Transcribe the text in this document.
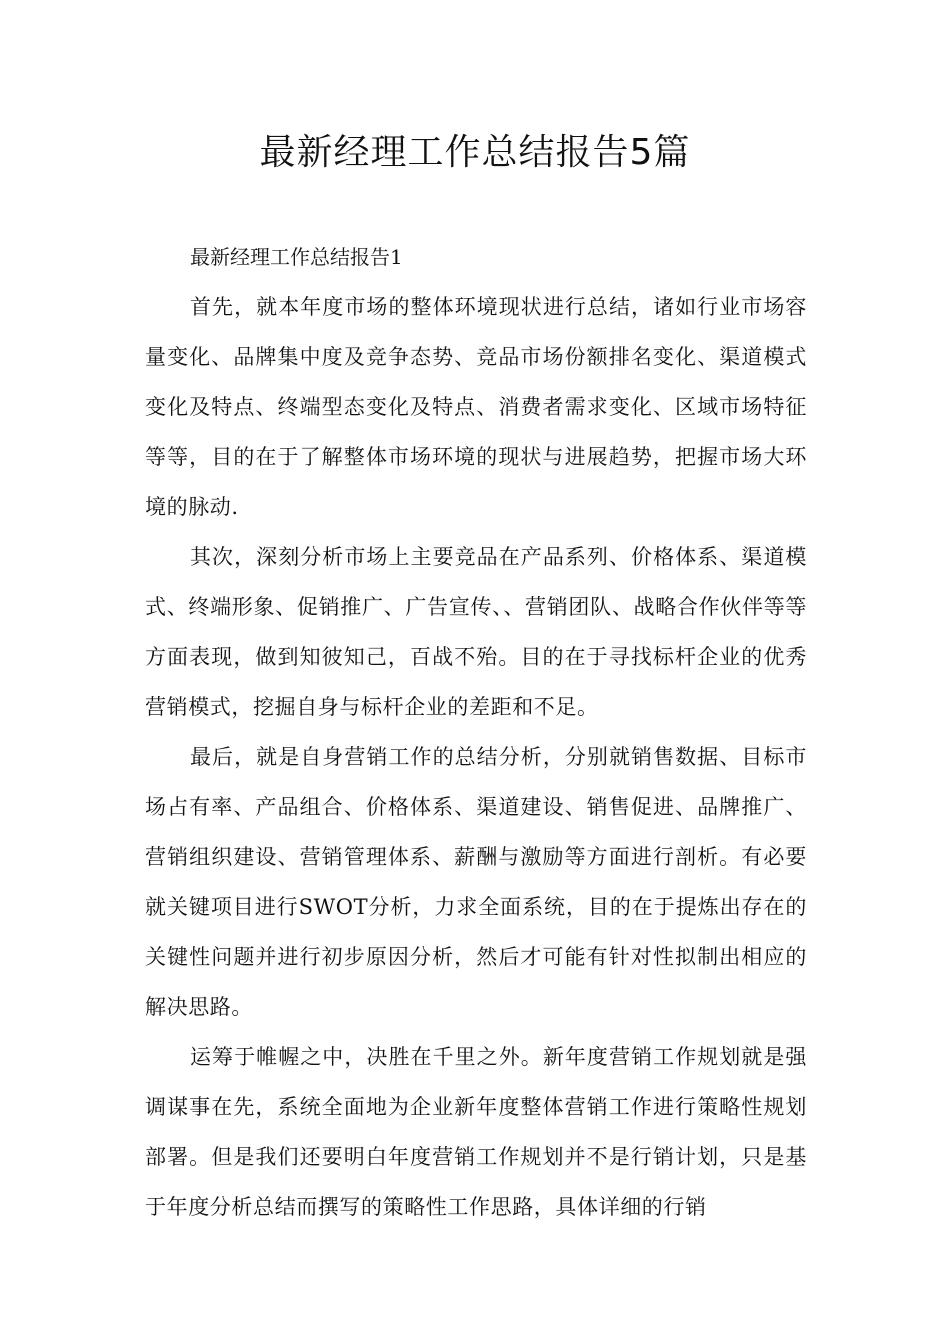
最新经理工作总结报告5篇

最新经理工作总结报告1

首先，就本年度市场的整体环境现状进行总结，诸如行业市场容量变化、品牌集中度及竞争态势、竞品市场份额排名变化、渠道模式变化及特点、终端型态变化及特点、消费者需求变化、区域市场特征等等，目的在于了解整体市场环境的现状与进展趋势，把握市场大环境的脉动.

其次，深刻分析市场上主要竞品在产品系列、价格体系、渠道模式、终端形象、促销推广、广告宣传、、营销团队、战略合作伙伴等等方面表现，做到知彼知己，百战不殆。目的在于寻找标杆企业的优秀营销模式，挖掘自身与标杆企业的差距和不足。

最后，就是自身营销工作的总结分析，分别就销售数据、目标市场占有率、产品组合、价格体系、渠道建设、销售促进、品牌推广、营销组织建设、营销管理体系、薪酬与激励等方面进行剖析。有必要就关键项目进行SWOT分析，力求全面系统，目的在于提炼出存在的关键性问题并进行初步原因分析，然后才可能有针对性拟制出相应的解决思路。

运筹于帷幄之中，决胜在千里之外。新年度营销工作规划就是强调谋事在先，系统全面地为企业新年度整体营销工作进行策略性规划部署。但是我们还要明白年度营销工作规划并不是行销计划，只是基于年度分析总结而撰写的策略性工作思路，具体详细的行销
